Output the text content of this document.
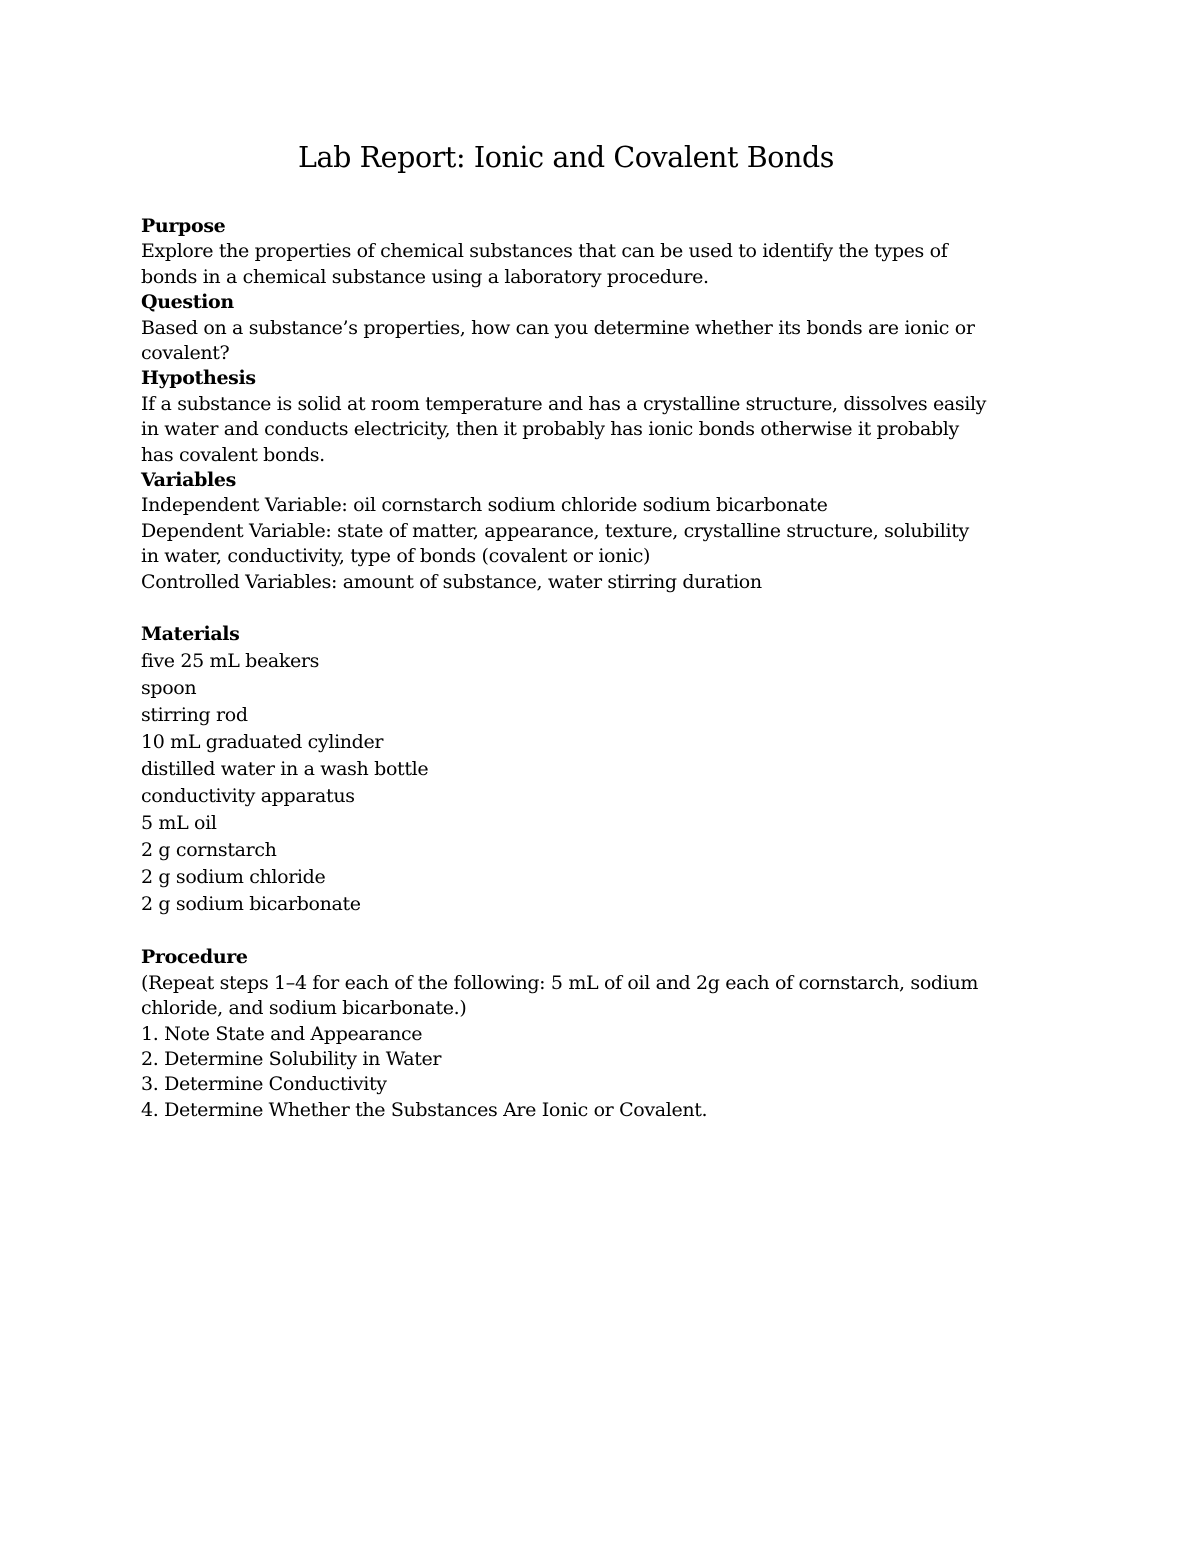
Lab Report: Ionic and Covalent Bonds

Purpose

Explore the properties of chemical substances that can be used to identify the types of bonds in a chemical substance using a laboratory procedure.

Question

Based on a substance’s properties, how can you determine whether its bonds are ionic or covalent?

Hypothesis

If a substance is solid at room temperature and has a crystalline structure, dissolves easily in water and conducts electricity, then it probably has ionic bonds otherwise it probably has covalent bonds.

Variables

Independent Variable: oil cornstarch sodium chloride sodium bicarbonate

Dependent Variable: state of matter, appearance, texture, crystalline structure, solubility in water, conductivity, type of bonds (covalent or ionic)

Controlled Variables: amount of substance, water stirring duration

Materials

five 25 mL beakers
spoon
stirring rod
10 mL graduated cylinder
distilled water in a wash bottle
conductivity apparatus
5 mL oil
2 g cornstarch
2 g sodium chloride
2 g sodium bicarbonate

Procedure

(Repeat steps 1–4 for each of the following: 5 mL of oil and 2g each of cornstarch, sodium chloride, and sodium bicarbonate.)

1. Note State and Appearance
2. Determine Solubility in Water
3. Determine Conductivity
4. Determine Whether the Substances Are Ionic or Covalent.
